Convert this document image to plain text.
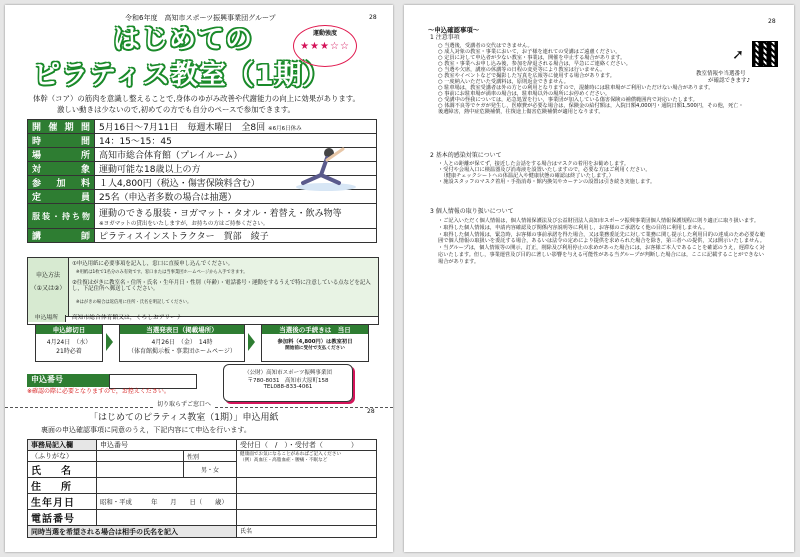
28
令和6年度　高知市スポーツ振興事業団グループ
はじめての
ピラティス教室（1期）
運動強度
★★★☆☆
体幹（コア）の筋肉を意識し整えることで,身体のゆがみ改善や代謝能力の向上に効果があります。
激しい動きは少ないので,初めての方でも自分のペースで参加できます。
開催期間	5月16日～7月11日　毎週木曜日　全8回 ※6月6日休み
時間	14：15～15：45
場所	高知市総合体育館（プレイルーム）
対象	運動可能な18歳以上の方
参加料	１人4,800円（税込・傷害保険料含む）
定員	25名（申込者多数の場合は抽選）
服装・持ち物	運動のできる服装・ヨガマット・タオル・着替え・飲み物等
※ヨガマットの貸出をいたしますが，お持ちの方はご持参ください。

講師	ピラティスインストラクター　賀部　綾子
申込方法
（①又は②）
①申込用紙に必要事項を記入し，窓口に直接申し込んでください。
※用紙は1枚で1名分のみ有効です。窓口または当事業団ホームページから入手できます。
②往復はがきに教室名・住所・氏名・生年月日・性別（年齢）・電話番号・運動をするうえで特に注意している点などを記入し，下記住所へ郵送してください。
※はがきの場合は返信用に住所・氏名を明記してください。
申込場所 高知市総合体育館又は，くろしおアリーナ
申込締切日
4月24日　（水）
21時必着
当選発表日（掲載場所）
4月26日　（金）　14時
（体育館掲示板・事業団ホームページ）
当選後の手続きは　当日
参加料（4,800円）は教室初日
開始前に受付で支払ください
申込番号
※確認の際に必要となりますので，お控えください。
（公財）高知市スポーツ振興事業団
〒780-8031　高知市大原町158
TEL088-833-4061
切り取らずご窓口へ
28
「はじめてのピラティス教室（1期）」申込用紙
裏面の申込確認事項に同意のうえ，下記内容にて申込を行います。
事務局記入欄	申込番号		受付日（　/　）・受付者（　　　　）
（ふりがな）		性別	健康面でお気になることがあればご記入ください
（例）高血圧・高脂血症・腰痛・不眠など

氏　名		男・女	
住　所			
生年月日	昭和・平成　　　年　　月　　日（　　歳）		
電話番号			
同時当選を希望される場合は相手の氏名を記入			氏名
28
～申込確認事項～
1 注意事項
○ 当選後，受講者の交代はできません。
○ 成人対象の教室・事業において，お子様を連れての受講はご遠慮ください。
○ 定員に対して申込者が少ない教室・事業は，開催を中止する場合があります。
○ 教室・事業へお申し込み後，参加を辞退される場合は，早急にご連絡ください。
○ 当選や欠席，講座の休講等の日程の変更等により教室は行いません。
○ 教室やイベントなどで撮影した写真を広報等に使用する場合があります。
○ 一度納入いただいた受講料は，原則返金できません。
○ 駐車場は，教室受講者は外の方との利用となりますので，混雑時には駐車場がご利用いただけない場合があります。
○ 事前にお駐車場が満車の場合は，駐車場以外の場所にお停めください。
○ 受講中の怪我については，応急処置を行い，事業団が加入している傷害保険の補償範囲内で対応いたします。
○ 体調不良等でケガが発生し，医療費が必要な場合は，保険金の給付額は，入院日額4,000円・通院日額1,500円，その他，死亡・後遺障害，熱中症危険補償，往復途上傷害危険補償が適用となります。
➚
教室情報や当選番号
が確認できます♪
2 基本的感染対策について
・人との距離が保てず，接近した会話をする場合はマスクの着用をお勧めします。
・受付や会場入口に検温器及び消毒液を設置いたしますので，必要な方はご利用ください。
　（健康チェックシートへの体温記入や健康状態の確認は終了いたします。）
・施設スタッフのマスク着用・手指消毒・館内換気やカーテンの設置は引き続き実施します。
3 個人情報の取り扱いについて
・ご記入いただく個人情報は，個人情報保護法及び公益財団法人高知市スポーツ振興事業団個人情報保護規程に則り適正に取り扱います。
・取得した個人情報は，申請内容確認及び関係内容説明等に利用し，お客様のご承諾なく他の目的に利用しません。
・取得した個人情報は，緊急時，お客様の事前承諾を得た場合，又は業務委託先に対して業務に関し提示した利用目的の達成のため必要な範囲で個人情報の取扱いを委託する場合，あるいは法令の定めにより提供を求められた場合を除き，第三者への提供，又は開示いたしません。
・当グループは，個人情報等の開示，訂正，削除及び利用停止の求めがあった場合には，お客様ご本人であることを確認のうえ，遅滞なく対応いたします。但し，事業運営及び目的に著しい影響を与える可能性がある当グループが判断した場合には，ここに記載することができない場合があります。
